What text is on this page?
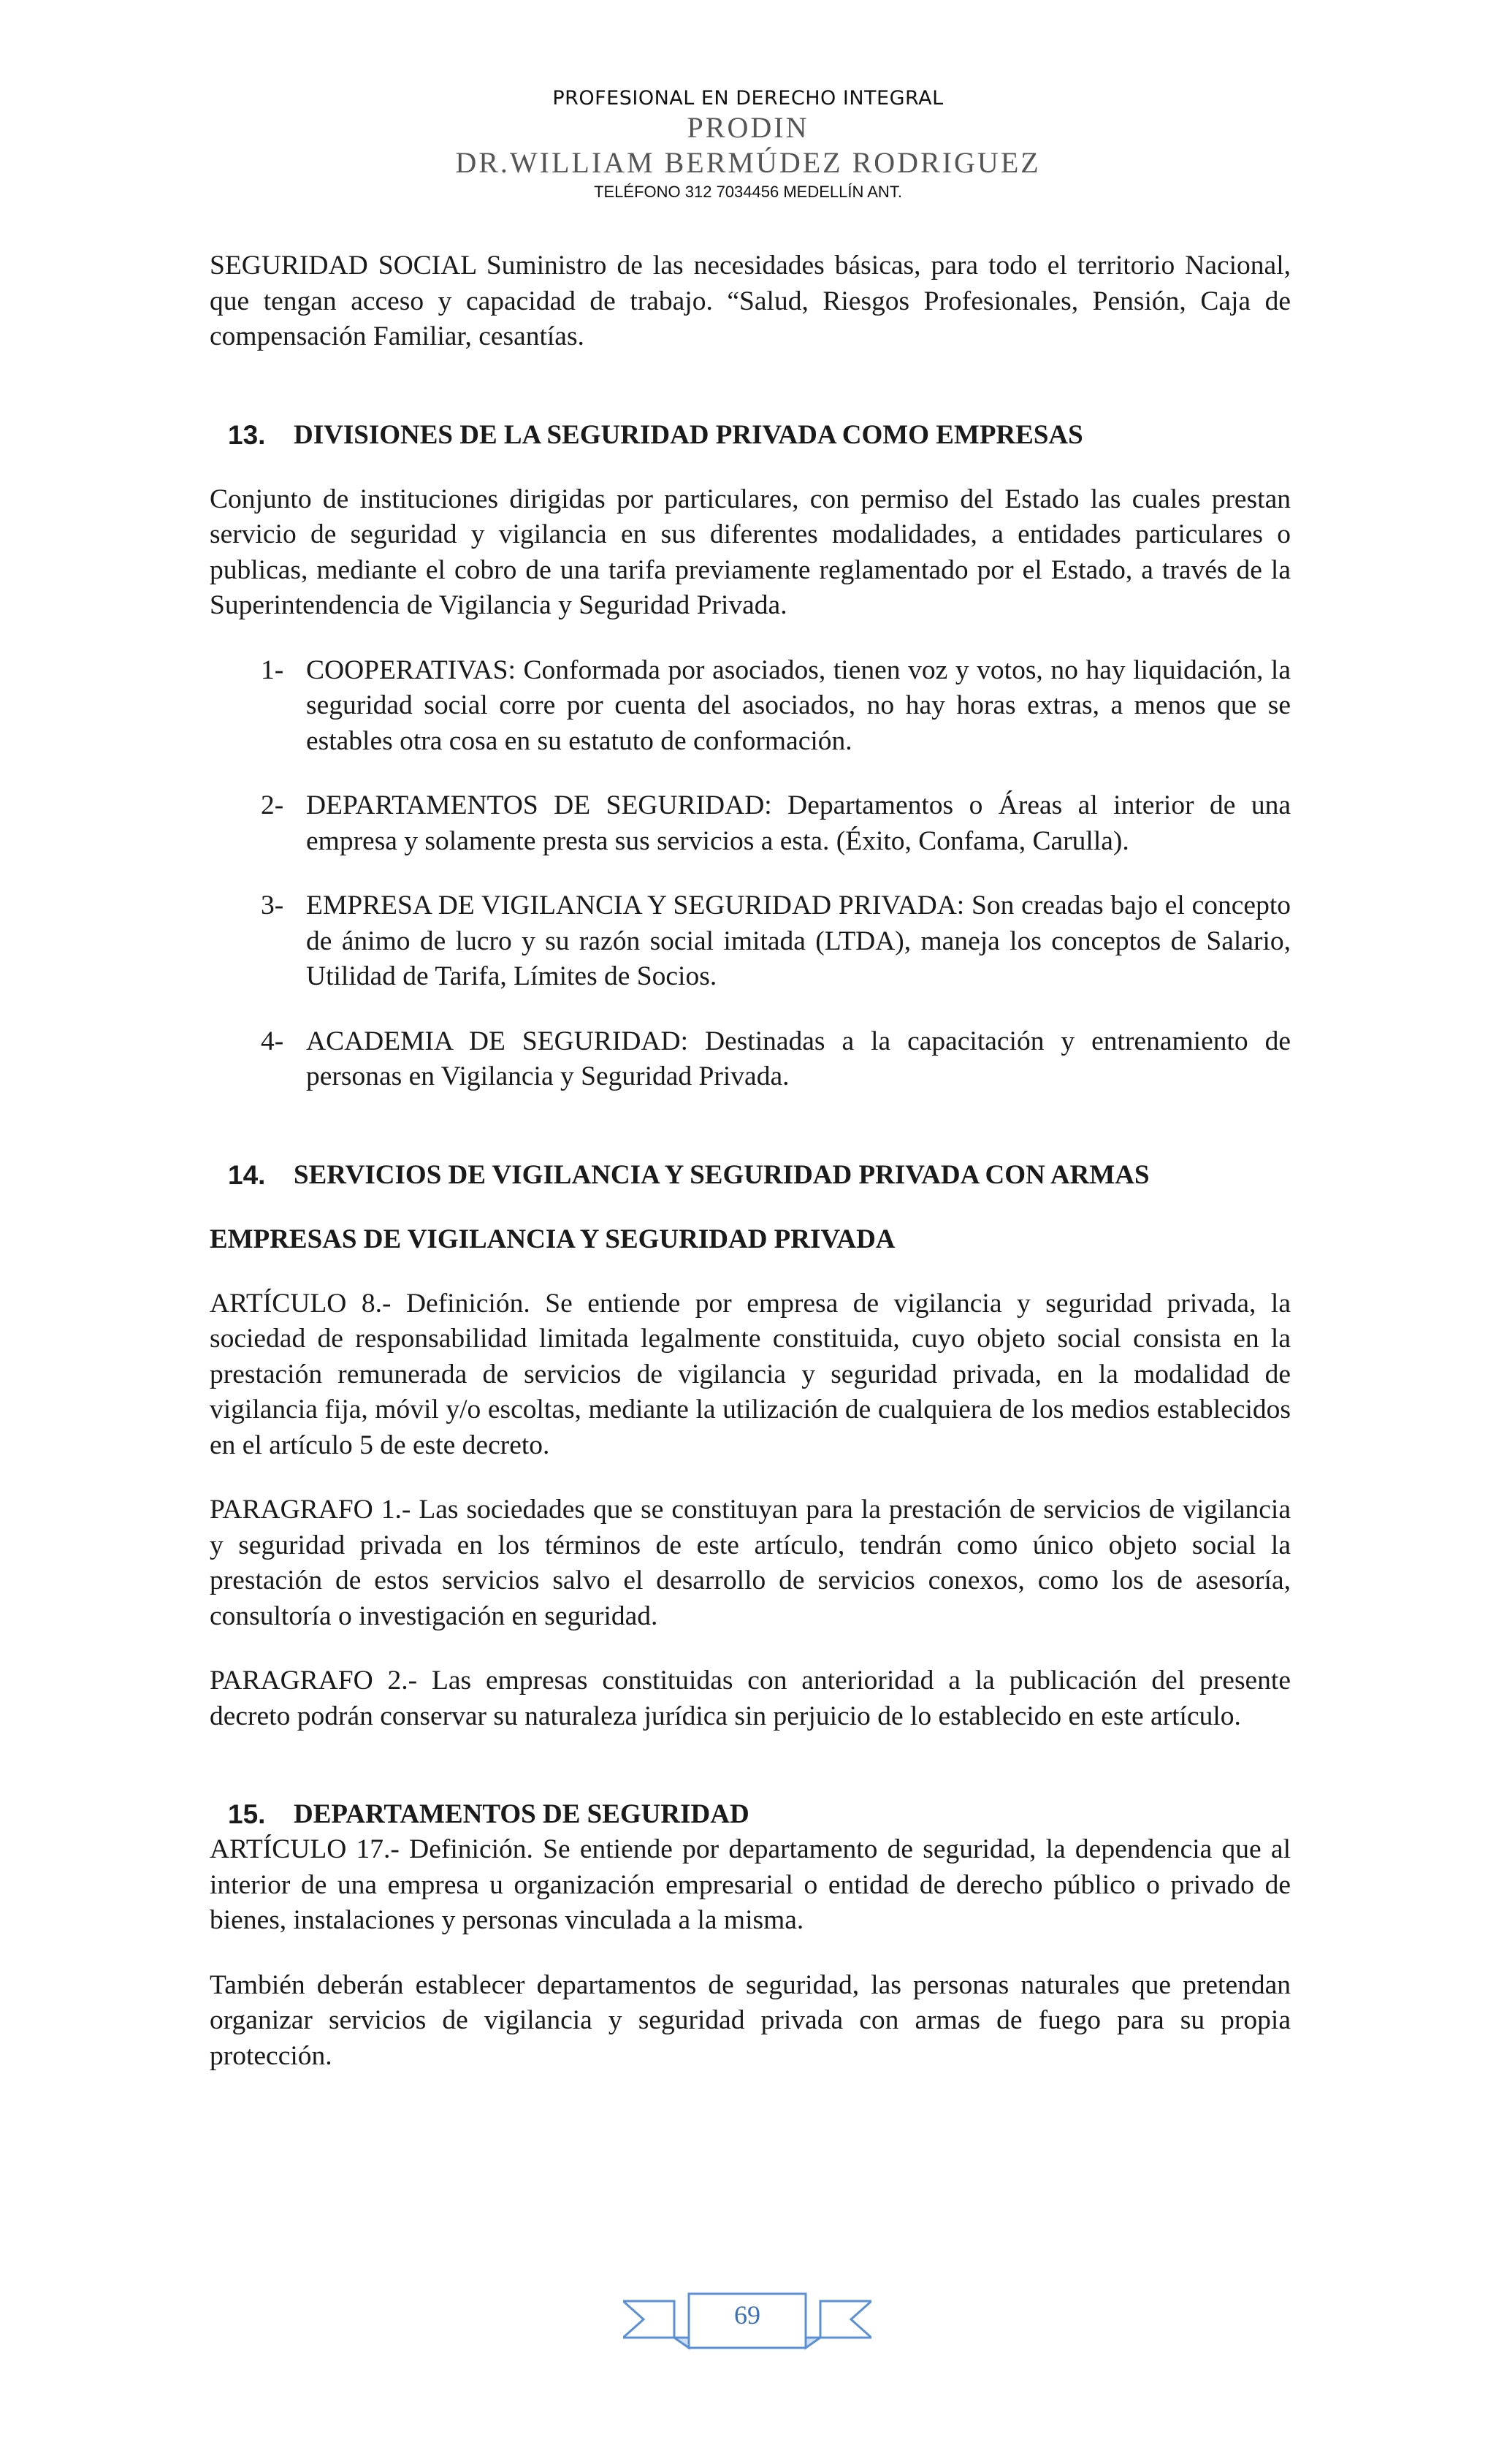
PROFESIONAL EN DERECHO INTEGRAL
PRODIN
DR.WILLIAM BERMÚDEZ RODRIGUEZ
TELÉFONO 312 7034456 MEDELLÍN ANT.

SEGURIDAD SOCIAL Suministro de las necesidades básicas, para todo el territorio Nacional, que tengan acceso y capacidad de trabajo. “Salud, Riesgos Profesionales, Pensión, Caja de compensación Familiar, cesantías.

13.	DIVISIONES DE LA SEGURIDAD PRIVADA COMO EMPRESAS

Conjunto de instituciones dirigidas por particulares, con permiso del Estado las cuales prestan servicio de seguridad y vigilancia en sus diferentes modalidades, a entidades particulares o publicas, mediante el cobro de una tarifa previamente reglamentado por el Estado, a través de la Superintendencia de Vigilancia y Seguridad Privada.

1- COOPERATIVAS: Conformada por asociados, tienen voz y votos, no hay liquidación, la seguridad social corre por cuenta del asociados, no hay horas extras, a menos que se estables otra cosa en su estatuto de conformación.

2- DEPARTAMENTOS DE SEGURIDAD: Departamentos o Áreas al interior de una empresa y solamente presta sus servicios a esta. (Éxito, Confama, Carulla).

3- EMPRESA DE VIGILANCIA Y SEGURIDAD PRIVADA: Son creadas bajo el concepto de ánimo de lucro y su razón social imitada (LTDA), maneja los conceptos de Salario, Utilidad de Tarifa, Límites de Socios.

4- ACADEMIA DE SEGURIDAD: Destinadas a la capacitación y entrenamiento de personas en Vigilancia y Seguridad Privada.

14.	SERVICIOS DE VIGILANCIA Y SEGURIDAD PRIVADA CON ARMAS
EMPRESAS DE VIGILANCIA Y SEGURIDAD PRIVADA

ARTÍCULO 8.- Definición. Se entiende por empresa de vigilancia y seguridad privada, la sociedad de responsabilidad limitada legalmente constituida, cuyo objeto social consista en la prestación remunerada de servicios de vigilancia y seguridad privada, en la modalidad de vigilancia fija, móvil y/o escoltas, mediante la utilización de cualquiera de los medios establecidos en el artículo 5 de este decreto.

PARAGRAFO 1.- Las sociedades que se constituyan para la prestación de servicios de vigilancia y seguridad privada en los términos de este artículo, tendrán como único objeto social la prestación de estos servicios salvo el desarrollo de servicios conexos, como los de asesoría, consultoría o investigación en seguridad.

PARAGRAFO 2.- Las empresas constituidas con anterioridad a la publicación del presente decreto podrán conservar su naturaleza jurídica sin perjuicio de lo establecido en este artículo.

15.	DEPARTAMENTOS DE SEGURIDAD

ARTÍCULO 17.- Definición. Se entiende por departamento de seguridad, la dependencia que al interior de una empresa u organización empresarial o entidad de derecho público o privado de bienes, instalaciones y personas vinculada a la misma.

También deberán establecer departamentos de seguridad, las personas naturales que pretendan organizar servicios de vigilancia y seguridad privada con armas de fuego para su propia protección.

69
